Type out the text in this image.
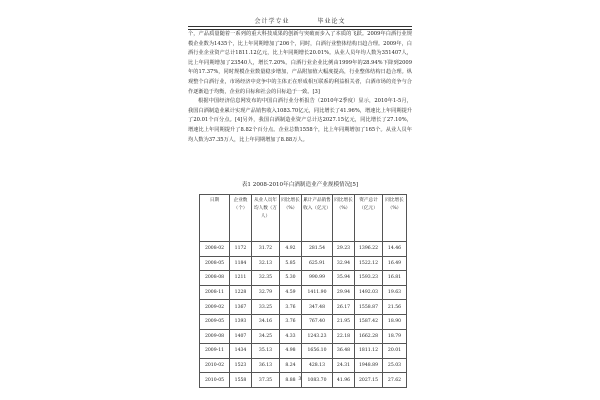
会计学专业	毕业论文

个，产品质量随着一系列的重大科技成果的创新与突破而步入了本质的飞跃。2009年白酒行业规模企业数为1435个，比上年同期增加了206个，同时，白酒行业整体结构日趋合理。2009年，白酒行业企业资产总计1811.12亿元，比上年同期增长20.01%。从业人员年均人数为351407人，比上年同期增加了23540人，增长7.20%。白酒行业企业比例由1999年的28.94%下降到2009年的17.37%，同时规模企业数量稳步增加，产品附加值大幅度提高，行业整体结构日趋合理。纵观整个白酒行业，市场经济中竞争中的主体正在形成相互联系的利益相关者，白酒市场的竞争与合作逐渐趋于均衡，企业的目标和社会的目标趋于一致。[3]

根据中国经济信息网发布的中国白酒行业分析报告（2010年2季度）显示，2010年1-5月，我国白酒制造业累计实现产品销售收入1083.70亿元，同比增长了41.96%，增速比上年同期提升了20.01个百分点。[4]另外，我国白酒制造业资产总计达2027.15亿元，同比增长了27.10%，增速比上年同期提升了8.82个百分点。企业总数1558个，比上年同期增加了165个。从业人员年均人数为37.35万人，比上年同期增加了8.88万人。

表1 2008-2010年白酒制造业产业规模情况[5]
日期	企业数（个）	从业人员年均人数（万人）	同比增长（%）	累计产品销售收入（亿元）	同比增长（%）	资产总计（亿元）	同比增长（%）
2008-02	1172	31.72	4.92	281.54	29.23	1396.22	14.46
2008-05	1184	32.13	5.85	625.91	32.94	1522.12	16.49
2008-08	1211	32.35	5.30	990.99	35.94	1593.23	16.81
2008-11	1228	32.79	4.59	1411.90	29.94	1492.03	19.63
2009-02	1367	33.25	3.76	347.48	26.17	1558.87	21.56
2009-05	1393	34.16	3.76	767.40	21.95	1587.42	18.90
2009-08	1407	34.25	4.33	1243.23	22.18	1662.28	18.79
2009-11	1434	35.13	4.98	1656.10	36.48	1811.12	20.01
2010-02	1523	36.13	8.24	428.13	24.31	1948.89	25.03
2010-05	1558	37.35	8.88	1083.70	41.96	2027.15	27.62
3
